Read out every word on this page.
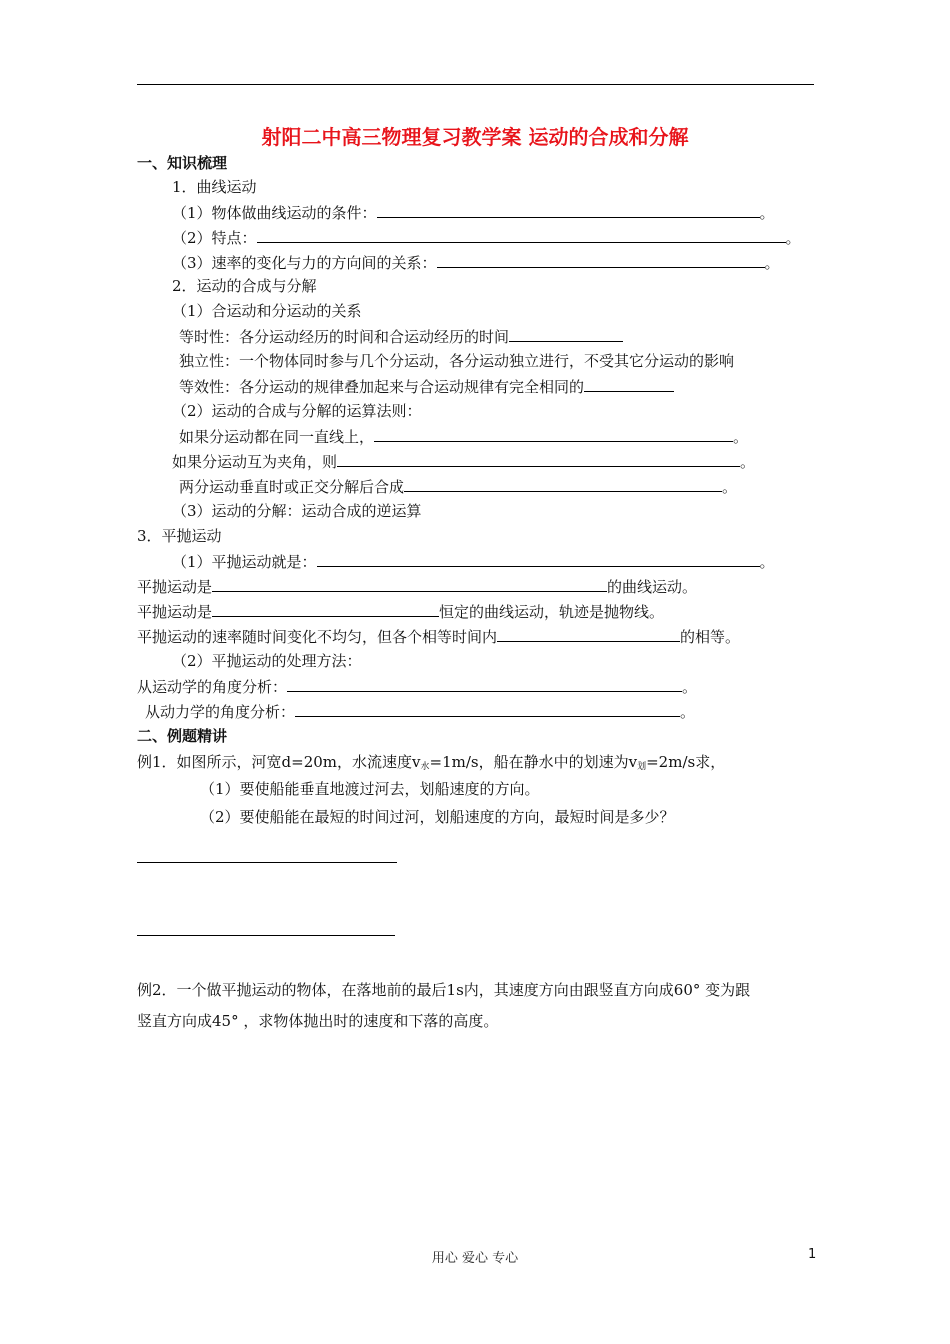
射阳二中高三物理复习教学案 运动的合成和分解
一、知识梳理
1．曲线运动
（1）物体做曲线运动的条件：	。
（2）特点：	。
（3）速率的变化与力的方向间的关系：	。
2．运动的合成与分解
（1）合运动和分运动的关系
等时性：各分运动经历的时间和合运动经历的时间
独立性：一个物体同时参与几个分运动，各分运动独立进行，不受其它分运动的影响
等效性：各分运动的规律叠加起来与合运动规律有完全相同的
（2）运动的合成与分解的运算法则：
如果分运动都在同一直线上，	。
如果分运动互为夹角，则	。
两分运动垂直时或正交分解后合成	。
（3）运动的分解：运动合成的逆运算
3．平抛运动
（1）平抛运动就是：	。
平抛运动是	的曲线运动。
平抛运动是	恒定的曲线运动，轨迹是抛物线。
平抛运动的速率随时间变化不均匀，但各个相等时间内	的相等。
（2）平抛运动的处理方法：
从运动学的角度分析：	。
从动力学的角度分析：	。
二、例题精讲
例1．如图所示，河宽d=20m，水流速度$v_水=1m/s$，船在静水中的划速为$v_划=2m/s$求，
（1）要使船能垂直地渡过河去，划船速度的方向。
（2）要使船能在最短的时间过河，划船速度的方向，最短时间是多少？
例2．一个做平抛运动的物体，在落地前的最后1s内，其速度方向由跟竖直方向成60° 变为跟
竖直方向成45° ，求物体抛出时的速度和下落的高度。
用心 爱心 专心	1
